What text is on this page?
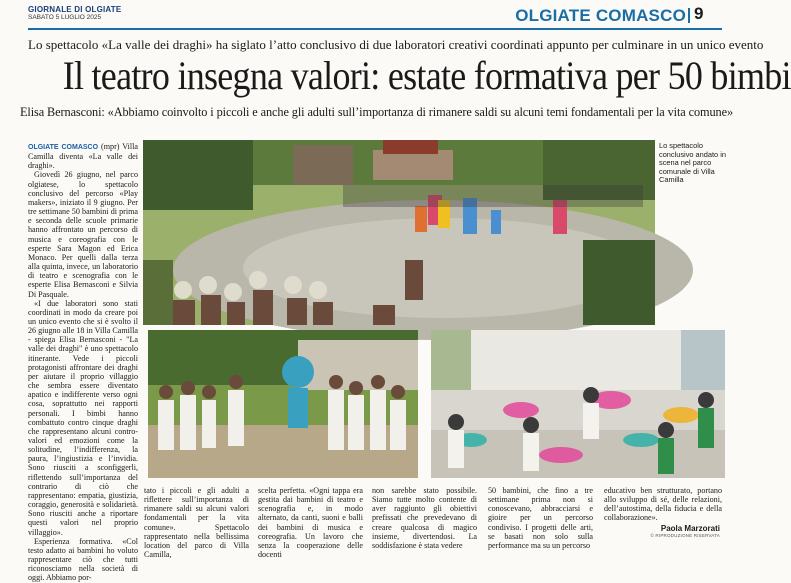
GIORNALE DI OLGIATE
SABATO 5 LUGLIO 2025	OLGIATE COMASCO 9
Lo spettacolo «La valle dei draghi» ha siglato l’atto conclusivo di due laboratori creativi coordinati appunto per culminare in un unico evento
Il teatro insegna valori: estate formativa per 50 bimbi
Elisa Bernasconi: «Abbiamo coinvolto i piccoli e anche gli adulti sull’importanza di rimanere saldi su alcuni temi fondamentali per la vita comune»

OLGIATE COMASCO (mpr) Villa Camilla diventa «La valle dei draghi».

Giovedì 26 giugno, nel parco olgiatese, lo spettacolo conclusivo del percorso «Play makers», iniziato il 9 giugno. Per tre settimane 50 bambini di prima e seconda delle scuole primarie hanno affrontato un percorso di musica e coreografia con le esperte Sara Magon ed Erica Monaco. Per quelli dalla terza alla quinta, invece, un laboratorio di teatro e scenografia con le esperte Elisa Bernasconi e Silvia Di Pasquale.

«I due laboratori sono stati coordinati in modo da creare poi un unico evento che si è svolto il 26 giugno alle 18 in Villa Camilla - spiega Elisa Bernasconi - "La valle dei draghi" è uno spettacolo itinerante. Vede i piccoli protagonisti affrontare dei draghi per aiutare il proprio villaggio che sembra essere diventato apatico e indifferente verso ogni cosa, soprattutto nei rapporti personali. I bimbi hanno combattuto contro cinque draghi che rappresentano alcuni contro-valori ed emozioni come la solitudine, l’indifferenza, la paura, l’ingiustizia e l’invidia. Sono riusciti a sconfiggerli, riflettendo sull’importanza del contrario di ciò che rappresentano: empatia, giustizia, coraggio, generosità e solidarietà. Sono riusciti anche a riportare questi valori nel proprio villaggio».

Esperienza formativa. «Col testo adatto ai bambini ho voluto rappresentare ciò che tutti riconosciamo nella società di oggi. Abbiamo por-

tato i piccoli e gli adulti a riflettere sull’importanza di rimanere saldi su alcuni valori fondamentali per la vita comune». Spettacolo rappresentato nella bellissima location del parco di Villa Camilla,

scelta perfetta. «Ogni tappa era gestita dai bambini di teatro e scenografia e, in modo alternato, da canti, suoni e balli dei bambini di musica e coreografia. Un lavoro che senza la cooperazione delle docenti

non sarebbe stato possibile. Siamo tutte molto contente di aver raggiunto gli obiettivi prefissati che prevedevano di creare qualcosa di magico insieme, divertendosi. La soddisfazione è stata vedere

50 bambini, che fino a tre settimane prima non si conoscevano, abbracciarsi e gioire per un percorso condiviso. I progetti delle arti, se basati non solo sulla performance ma su un percorso

educativo ben strutturato, portano allo sviluppo di sé, delle relazioni, dell’autostima, della fiducia e della collaborazione».

Paola Marzorati
© RIPRODUZIONE RISERVATA
Lo spettacolo conclusivo andato in scena nel parco comunale di Villa Camilla
